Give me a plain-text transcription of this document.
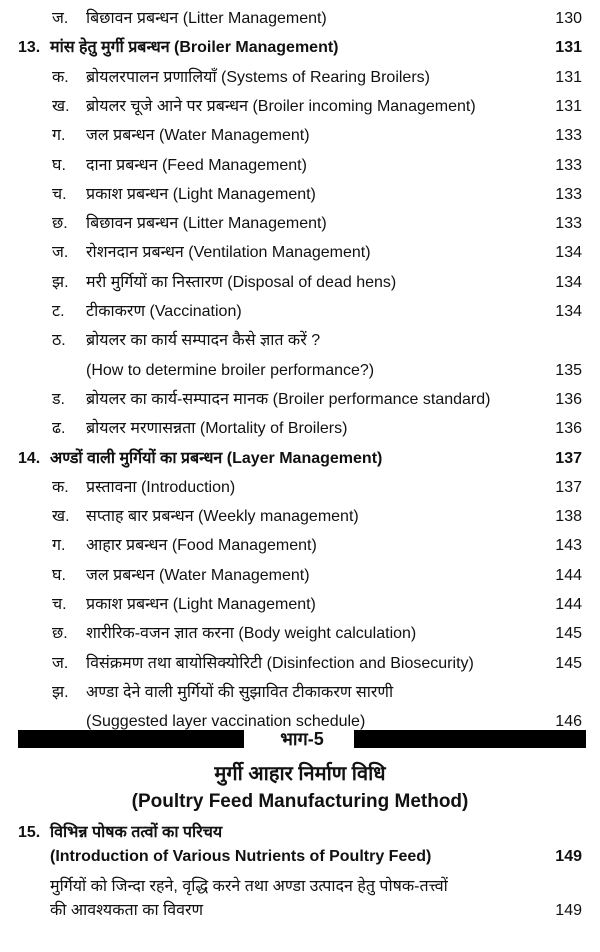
ज. बिछावन प्रबन्धन (Litter Management)	130
13. मांस हेतु मुर्गी प्रबन्धन (Broiler Management)	131
क. ब्रोयलरपालन प्रणालियाँ (Systems of Rearing Broilers)	131
ख. ब्रोयलर चूजे आने पर प्रबन्धन (Broiler incoming Management)	131
ग. जल प्रबन्धन (Water Management)	133
घ. दाना प्रबन्धन (Feed Management)	133
च. प्रकाश प्रबन्धन (Light Management)	133
छ. बिछावन प्रबन्धन (Litter Management)	133
ज. रोशनदान प्रबन्धन (Ventilation Management)	134
झ. मरी मुर्गियों का निस्तारण (Disposal of dead hens)	134
ट. टीकाकरण (Vaccination)	134
ठ. ब्रोयलर का कार्य सम्पादन कैसे ज्ञात करें ?
(How to determine broiler performance?)	135
ड. ब्रोयलर का कार्य-सम्पादन मानक (Broiler performance standard)	136
ढ. ब्रोयलर मरणासन्नता (Mortality of Broilers)	136
14. अण्डों वाली मुर्गियों का प्रबन्धन (Layer Management)	137
क. प्रस्तावना (Introduction)	137
ख. सप्ताह बार प्रबन्धन (Weekly management)	138
ग. आहार प्रबन्धन (Food Management)	143
घ. जल प्रबन्धन (Water Management)	144
च. प्रकाश प्रबन्धन (Light Management)	144
छ. शारीरिक-वजन ज्ञात करना (Body weight calculation)	145
ज. विसंक्रमण तथा बायोसिक्योरिटी (Disinfection and Biosecurity)	145
झ. अण्डा देने वाली मुर्गियों की सुझावित टीकाकरण सारणी
(Suggested layer vaccination schedule)	146
भाग-5
मुर्गी आहार निर्माण विधि
(Poultry Feed Manufacturing Method)
15. विभिन्न पोषक तत्वों का परिचय
(Introduction of Various Nutrients of Poultry Feed)	149
मुर्गियों को जिन्दा रहने, वृद्धि करने तथा अण्डा उत्पादन हेतु पोषक-तत्त्वों
की आवश्यकता का विवरण	149
